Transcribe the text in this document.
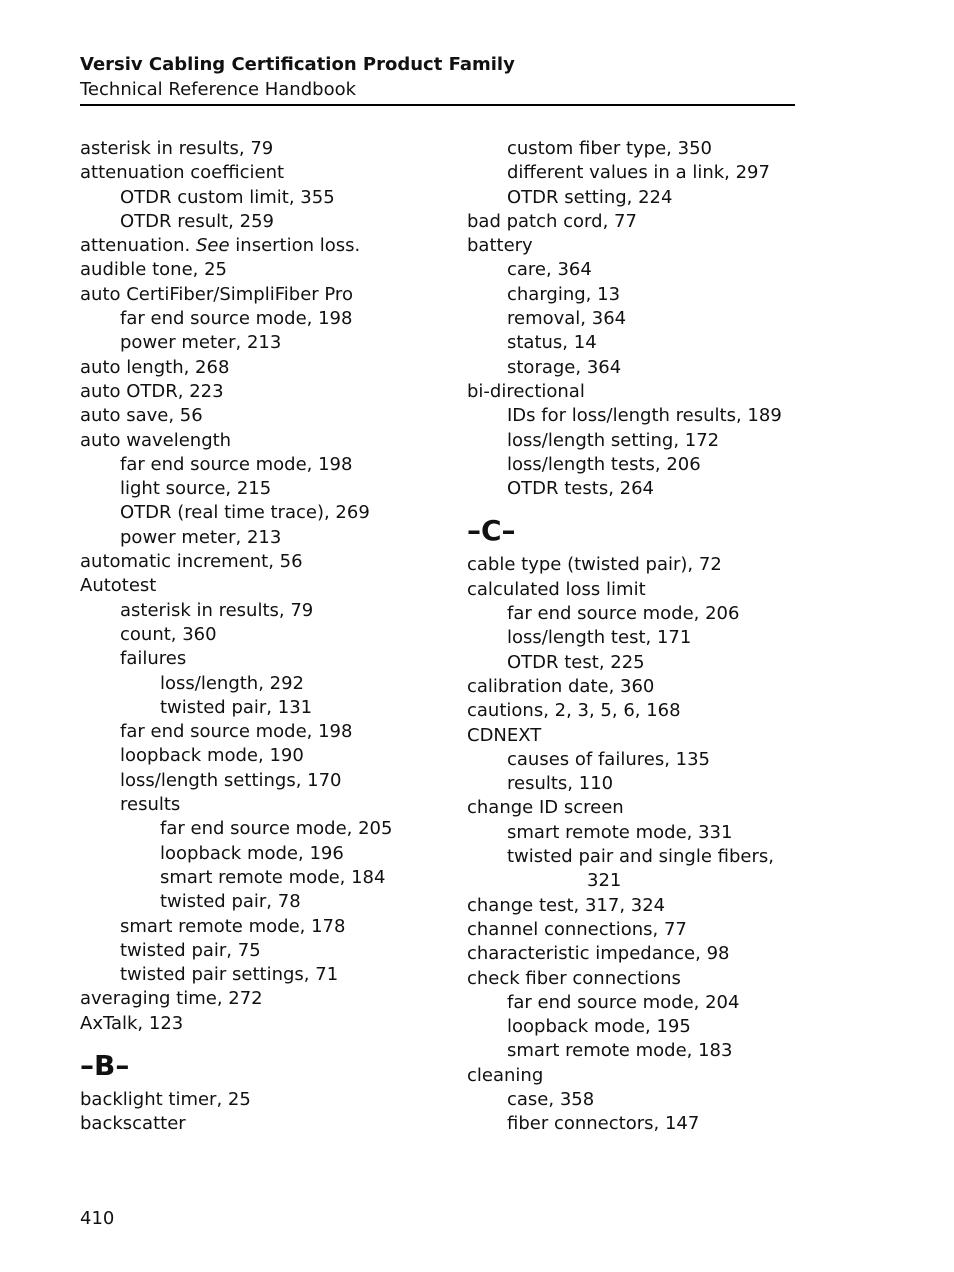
Versiv Cabling Certification Product Family
Technical Reference Handbook
asterisk in results, 79
attenuation coefficient
OTDR custom limit, 355
OTDR result, 259
attenuation. See insertion loss.
audible tone, 25
auto CertiFiber/SimpliFiber Pro
far end source mode, 198
power meter, 213
auto length, 268
auto OTDR, 223
auto save, 56
auto wavelength
far end source mode, 198
light source, 215
OTDR (real time trace), 269
power meter, 213
automatic increment, 56
Autotest
asterisk in results, 79
count, 360
failures
loss/length, 292
twisted pair, 131
far end source mode, 198
loopback mode, 190
loss/length settings, 170
results
far end source mode, 205
loopback mode, 196
smart remote mode, 184
twisted pair, 78
smart remote mode, 178
twisted pair, 75
twisted pair settings, 71
averaging time, 272
AxTalk, 123
–B–
backlight timer, 25
backscatter
custom fiber type, 350
different values in a link, 297
OTDR setting, 224
bad patch cord, 77
battery
care, 364
charging, 13
removal, 364
status, 14
storage, 364
bi-directional
IDs for loss/length results, 189
loss/length setting, 172
loss/length tests, 206
OTDR tests, 264
–C–
cable type (twisted pair), 72
calculated loss limit
far end source mode, 206
loss/length test, 171
OTDR test, 225
calibration date, 360
cautions, 2, 3, 5, 6, 168
CDNEXT
causes of failures, 135
results, 110
change ID screen
smart remote mode, 331
twisted pair and single fibers,
321
change test, 317, 324
channel connections, 77
characteristic impedance, 98
check fiber connections
far end source mode, 204
loopback mode, 195
smart remote mode, 183
cleaning
case, 358
fiber connectors, 147
410
